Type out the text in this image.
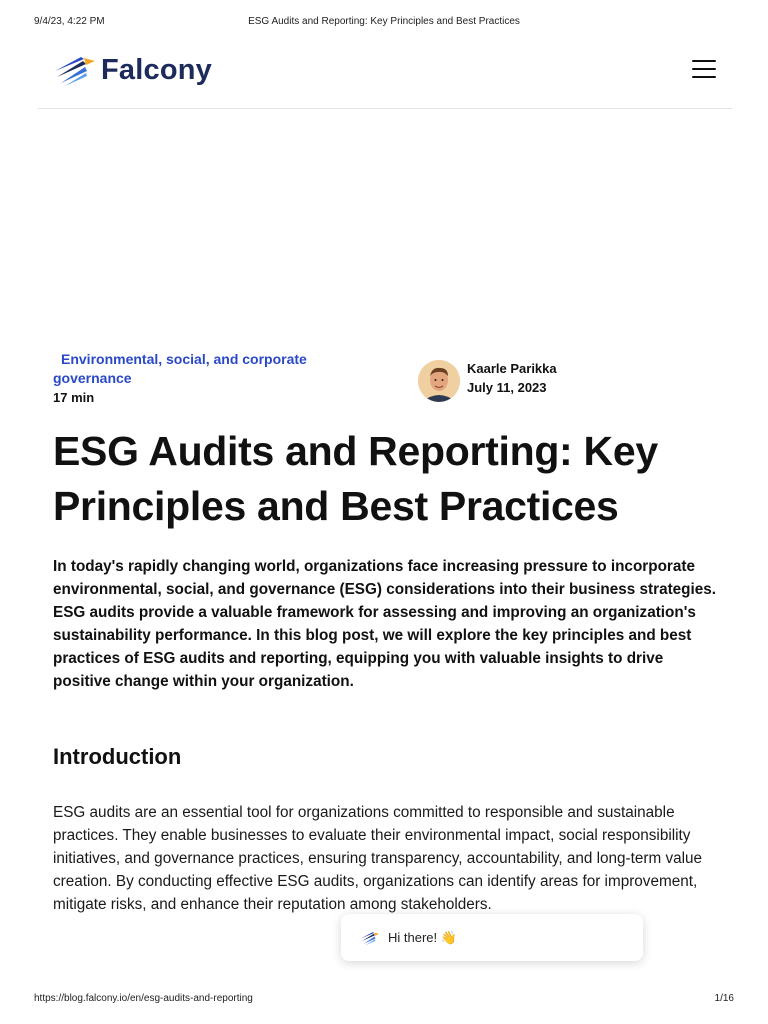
9/4/23, 4:22 PM	ESG Audits and Reporting: Key Principles and Best Practices
Falcony
Environmental, social, and corporate governance
17 min
Kaarle Parikka
July 11, 2023
ESG Audits and Reporting: Key Principles and Best Practices

In today's rapidly changing world, organizations face increasing pressure to incorporate environmental, social, and governance (ESG) considerations into their business strategies. ESG audits provide a valuable framework for assessing and improving an organization's sustainability performance. In this blog post, we will explore the key principles and best practices of ESG audits and reporting, equipping you with valuable insights to drive positive change within your organization.

Introduction

ESG audits are an essential tool for organizations committed to responsible and sustainable practices. They enable businesses to evaluate their environmental impact, social responsibility initiatives, and governance practices, ensuring transparency, accountability, and long-term value creation. By conducting effective ESG audits, organizations can identify areas for improvement, mitigate risks, and enhance their reputation among stakeholders.

Hi there! 👋
https://blog.falcony.io/en/esg-audits-and-reporting	1/16
